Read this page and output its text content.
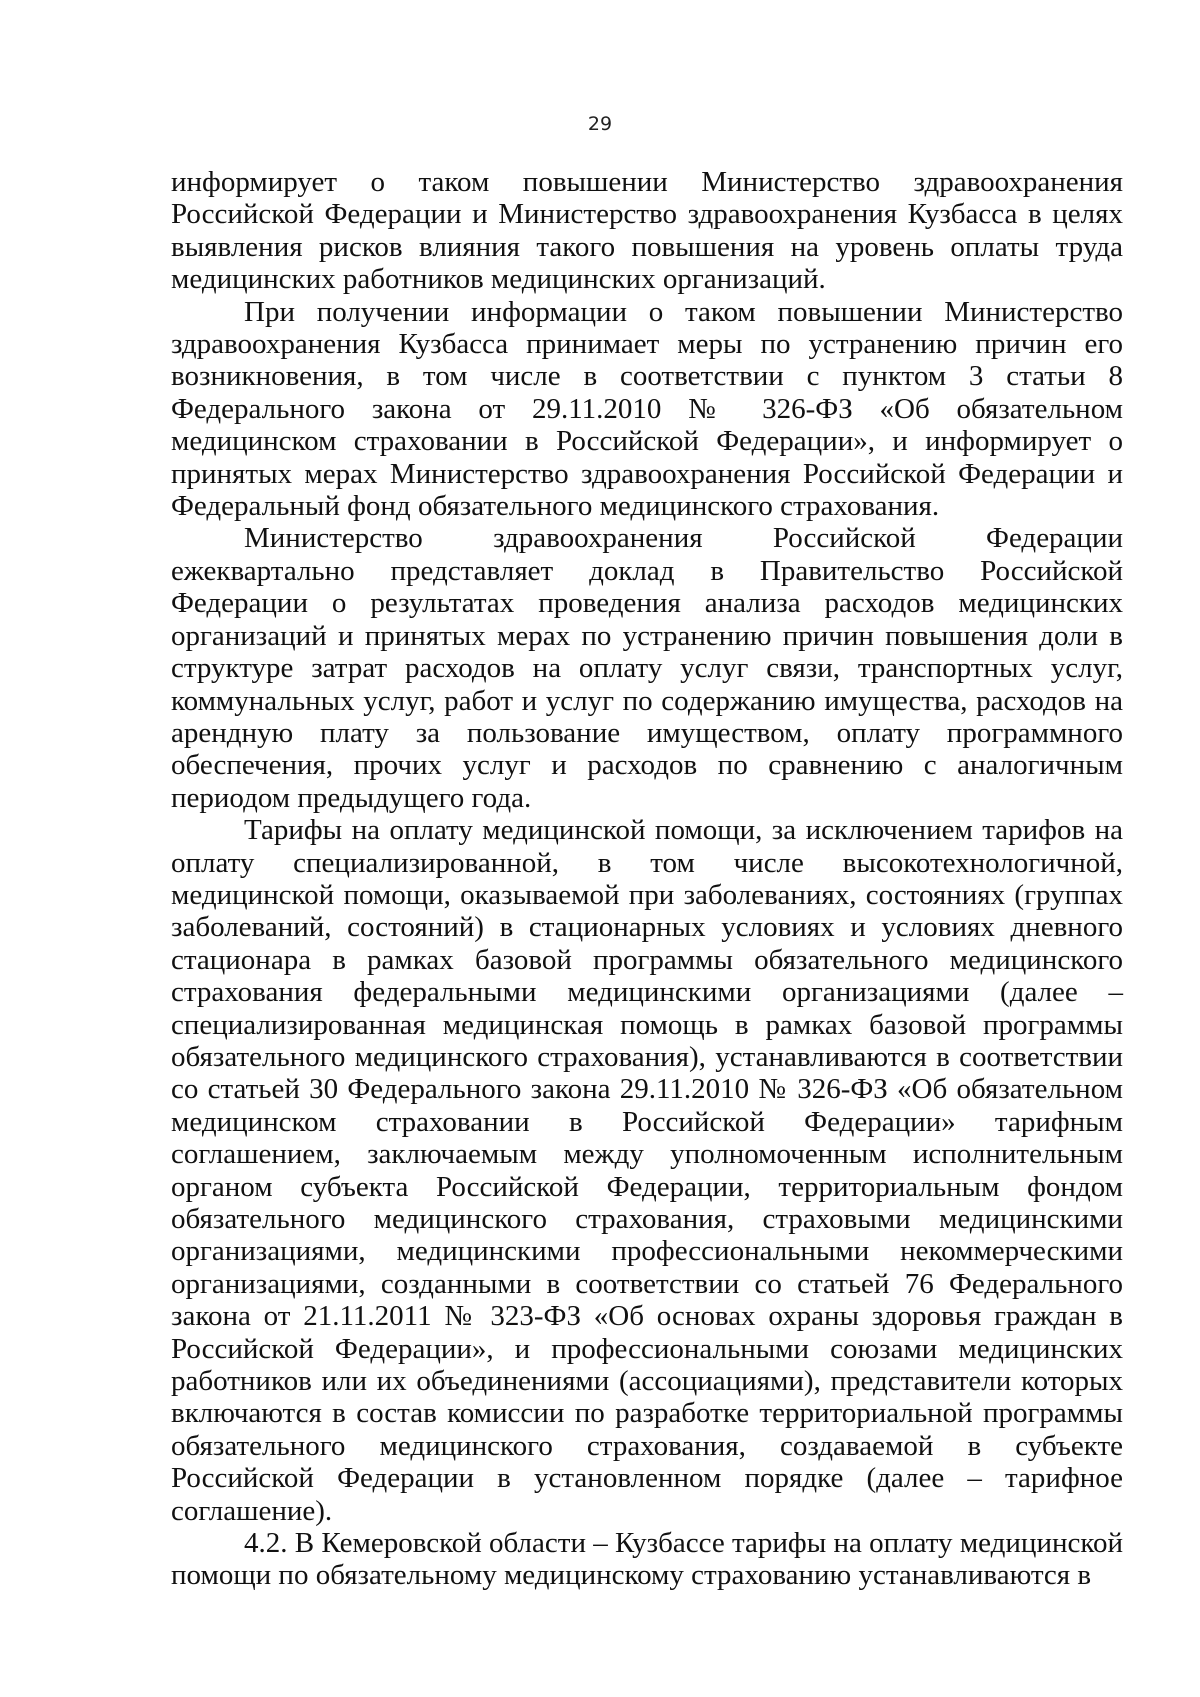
29

информирует о таком повышении Министерство здравоохранения Российской Федерации и Министерство здравоохранения Кузбасса в целях выявления рисков влияния такого повышения на уровень оплаты труда медицинских работников медицинских организаций.

При получении информации о таком повышении Министерство здравоохранения Кузбасса принимает меры по устранению причин его возникновения, в том числе в соответствии с пунктом 3 статьи 8 Федерального закона от 29.11.2010 № 326-ФЗ «Об обязательном медицинском страховании в Российской Федерации», и информирует о принятых мерах Министерство здравоохранения Российской Федерации и Федеральный фонд обязательного медицинского страхования.

Министерство здравоохранения Российской Федерации ежеквартально представляет доклад в Правительство Российской Федерации о результатах проведения анализа расходов медицинских организаций и принятых мерах по устранению причин повышения доли в структуре затрат расходов на оплату услуг связи, транспортных услуг, коммунальных услуг, работ и услуг по содержанию имущества, расходов на арендную плату за пользование имуществом, оплату программного обеспечения, прочих услуг и расходов по сравнению с аналогичным периодом предыдущего года.

Тарифы на оплату медицинской помощи, за исключением тарифов на оплату специализированной, в том числе высокотехнологичной, медицинской помощи, оказываемой при заболеваниях, состояниях (группах заболеваний, состояний) в стационарных условиях и условиях дневного стационара в рамках базовой программы обязательного медицинского страхования федеральными медицинскими организациями (далее – специализированная медицинская помощь в рамках базовой программы обязательного медицинского страхования), устанавливаются в соответствии со статьей 30 Федерального закона 29.11.2010 № 326-ФЗ «Об обязательном медицинском страховании в Российской Федерации» тарифным соглашением, заключаемым между уполномоченным исполнительным органом субъекта Российской Федерации, территориальным фондом обязательного медицинского страхования, страховыми медицинскими организациями, медицинскими профессиональными некоммерческими организациями, созданными в соответствии со статьей 76 Федерального закона от 21.11.2011 № 323-ФЗ «Об основах охраны здоровья граждан в Российской Федерации», и профессиональными союзами медицинских работников или их объединениями (ассоциациями), представители которых включаются в состав комиссии по разработке территориальной программы обязательного медицинского страхования, создаваемой в субъекте Российской Федерации в установленном порядке (далее – тарифное соглашение).

4.2. В Кемеровской области – Кузбассе тарифы на оплату медицинской помощи по обязательному медицинскому страхованию устанавливаются в
